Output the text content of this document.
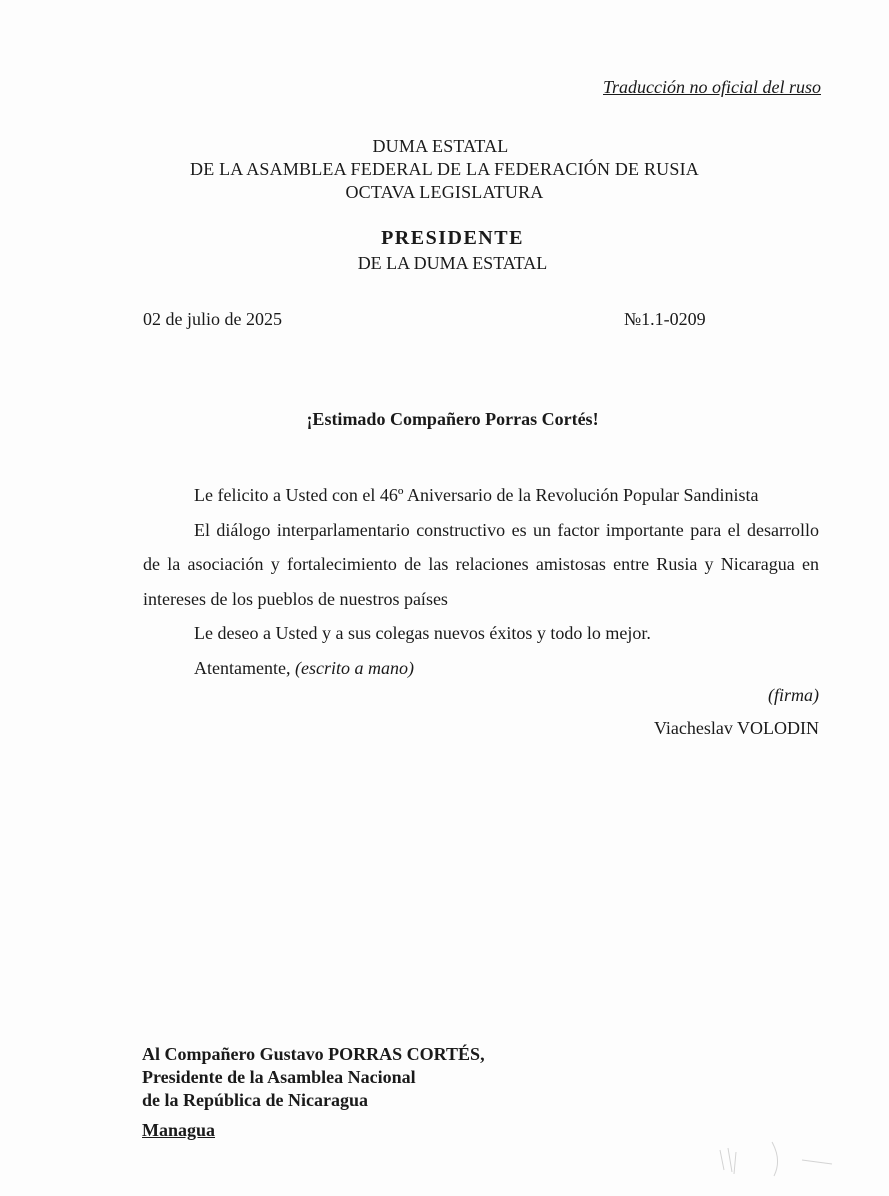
Traducción no oficial del ruso
DUMA ESTATAL
DE LA ASAMBLEA FEDERAL DE LA FEDERACIÓN DE RUSIA
OCTAVA LEGISLATURA
PRESIDENTE
DE LA DUMA ESTATAL
02 de julio de 2025	№1.1-0209
¡Estimado Compañero Porras Cortés!

Le felicito a Usted con el 46º Aniversario de la Revolución Popular Sandinista

El diálogo interparlamentario constructivo es un factor importante para el desarrollo de la asociación y fortalecimiento de las relaciones amistosas entre Rusia y Nicaragua en intereses de los pueblos de nuestros países

Le deseo a Usted y a sus colegas nuevos éxitos y todo lo mejor.

Atentamente, (escrito a mano)

(firma)
Viacheslav VOLODIN
Al Compañero Gustavo PORRAS CORTÉS,
Presidente de la Asamblea Nacional
de la República de Nicaragua
Managua
